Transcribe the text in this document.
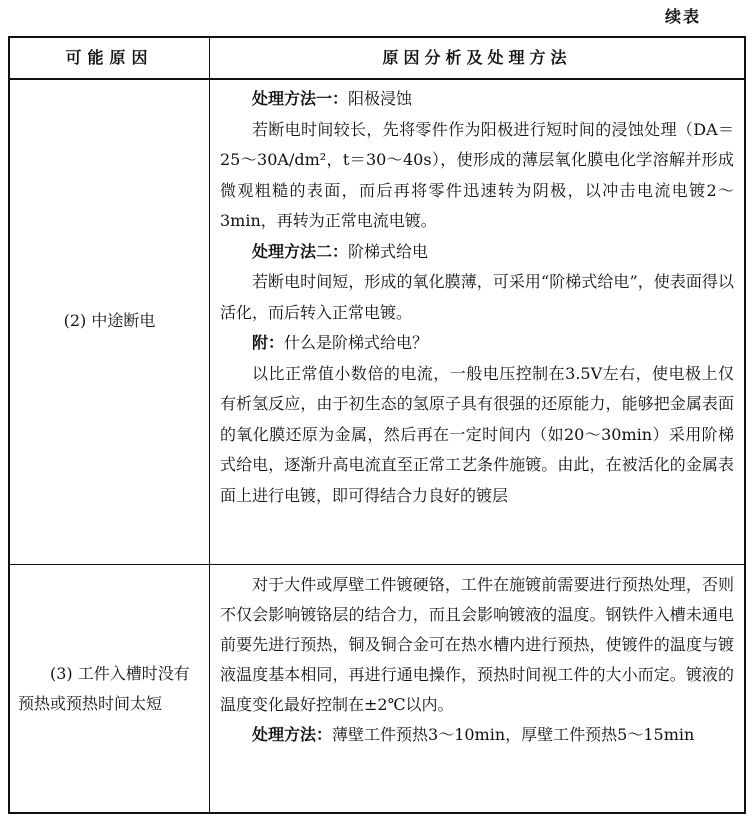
续表
可能原因	原因分析及处理方法
(2) 中途断电

处理方法一：阳极浸蚀

若断电时间较长，先将零件作为阳极进行短时间的浸蚀处理（DA＝25～30A/dm²，t＝30～40s），使形成的薄层氧化膜电化学溶解并形成微观粗糙的表面，而后再将零件迅速转为阴极，以冲击电流电镀2～3min，再转为正常电流电镀。

处理方法二：阶梯式给电

若断电时间短，形成的氧化膜薄，可采用“阶梯式给电”，使表面得以活化，而后转入正常电镀。

附：什么是阶梯式给电？

以比正常值小数倍的电流，一般电压控制在3.5V左右，使电极上仅有析氢反应，由于初生态的氢原子具有很强的还原能力，能够把金属表面的氧化膜还原为金属，然后再在一定时间内（如20～30min）采用阶梯式给电，逐渐升高电流直至正常工艺条件施镀。由此，在被活化的金属表面上进行电镀，即可得结合力良好的镀层

(3) 工件入槽时没有预热或预热时间太短

对于大件或厚壁工件镀硬铬，工件在施镀前需要进行预热处理，否则不仅会影响镀铬层的结合力，而且会影响镀液的温度。钢铁件入槽未通电前要先进行预热，铜及铜合金可在热水槽内进行预热，使镀件的温度与镀液温度基本相同，再进行通电操作，预热时间视工件的大小而定。镀液的温度变化最好控制在±2℃以内。

处理方法：薄壁工件预热3～10min，厚壁工件预热5～15min
